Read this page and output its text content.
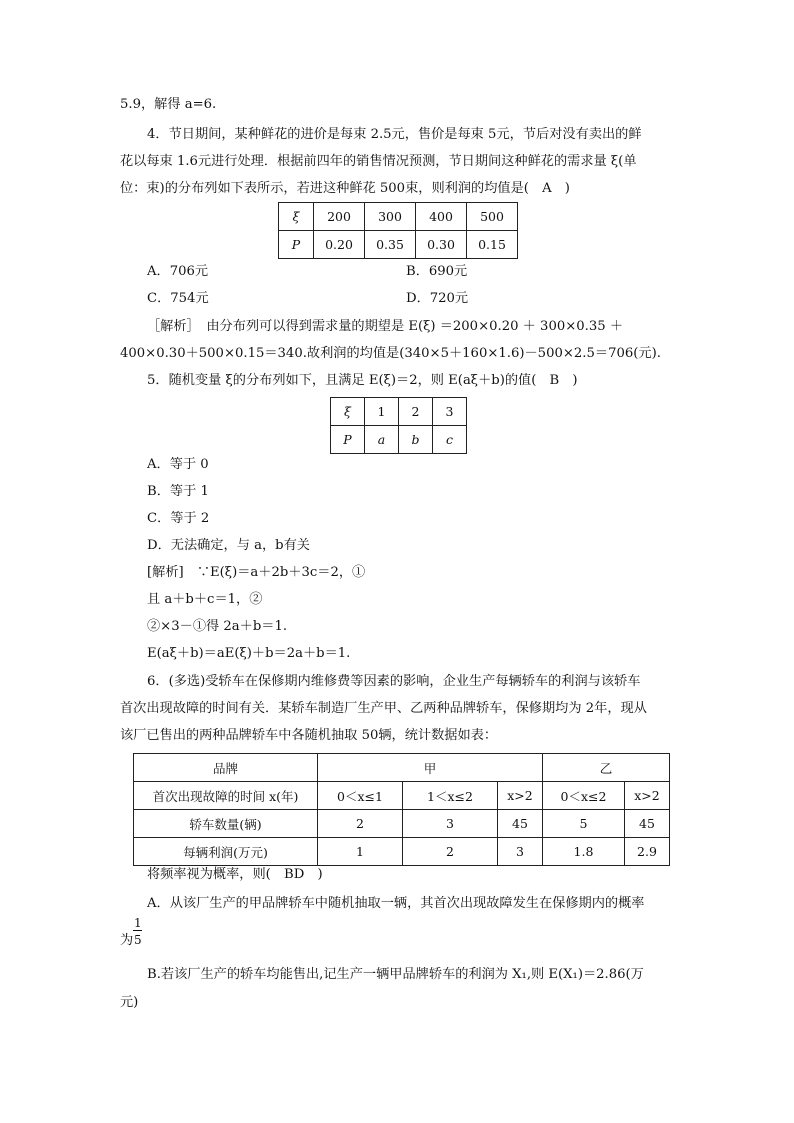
5.9，解得 a=6.
4．节日期间，某种鲜花的进价是每束 2.5元，售价是每束 5元，节后对没有卖出的鲜
花以每束 1.6元进行处理．根据前四年的销售情况预测，节日期间这种鲜花的需求量 ξ(单
位：束)的分布列如下表所示，若进这种鲜花 500束，则利润的均值是(　A　)
ξ	200	300	400	500
P	0.20	0.35	0.30	0.15
A．706元	B．690元
C．754元	D．720元
［解析］　由分布列可以得到需求量的期望是 E(ξ) ＝200×0.20 ＋ 300×0.35 ＋
400×0.30＋500×0.15＝340.故利润的均值是(340×5＋160×1.6)－500×2.5＝706(元).
5．随机变量 ξ的分布列如下，且满足 E(ξ)＝2，则 E(aξ＋b)的值(　B　)
ξ	1	2	3
P	a	b	c
A．等于 0
B．等于 1
C．等于 2
D．无法确定，与 a，b有关
[解析]　∵E(ξ)＝a＋2b＋3c＝2，①
且 a＋b＋c＝1，②
②×3－①得 2a＋b＝1.
E(aξ＋b)＝aE(ξ)＋b＝2a＋b＝1.
6．(多选)受轿车在保修期内维修费等因素的影响，企业生产每辆轿车的利润与该轿车
首次出现故障的时间有关．某轿车制造厂生产甲、乙两种品牌轿车，保修期均为 2年，现从
该厂已售出的两种品牌轿车中各随机抽取 50辆，统计数据如表：
品牌	甲			乙	
首次出现故障的时间 x(年)	0＜x≤1	1＜x≤2	x>2	0＜x≤2	x>2
轿车数量(辆)	2	3	45	5	45
每辆利润(万元)	1	2	3	1.8	2.9
将频率视为概率，则(　BD　)
A．从该厂生产的甲品牌轿车中随机抽取一辆，其首次出现故障发生在保修期内的概率
为
1
5
B.若该厂生产的轿车均能售出,记生产一辆甲品牌轿车的利润为 X₁,则 E(X₁)＝2.86(万
元)
